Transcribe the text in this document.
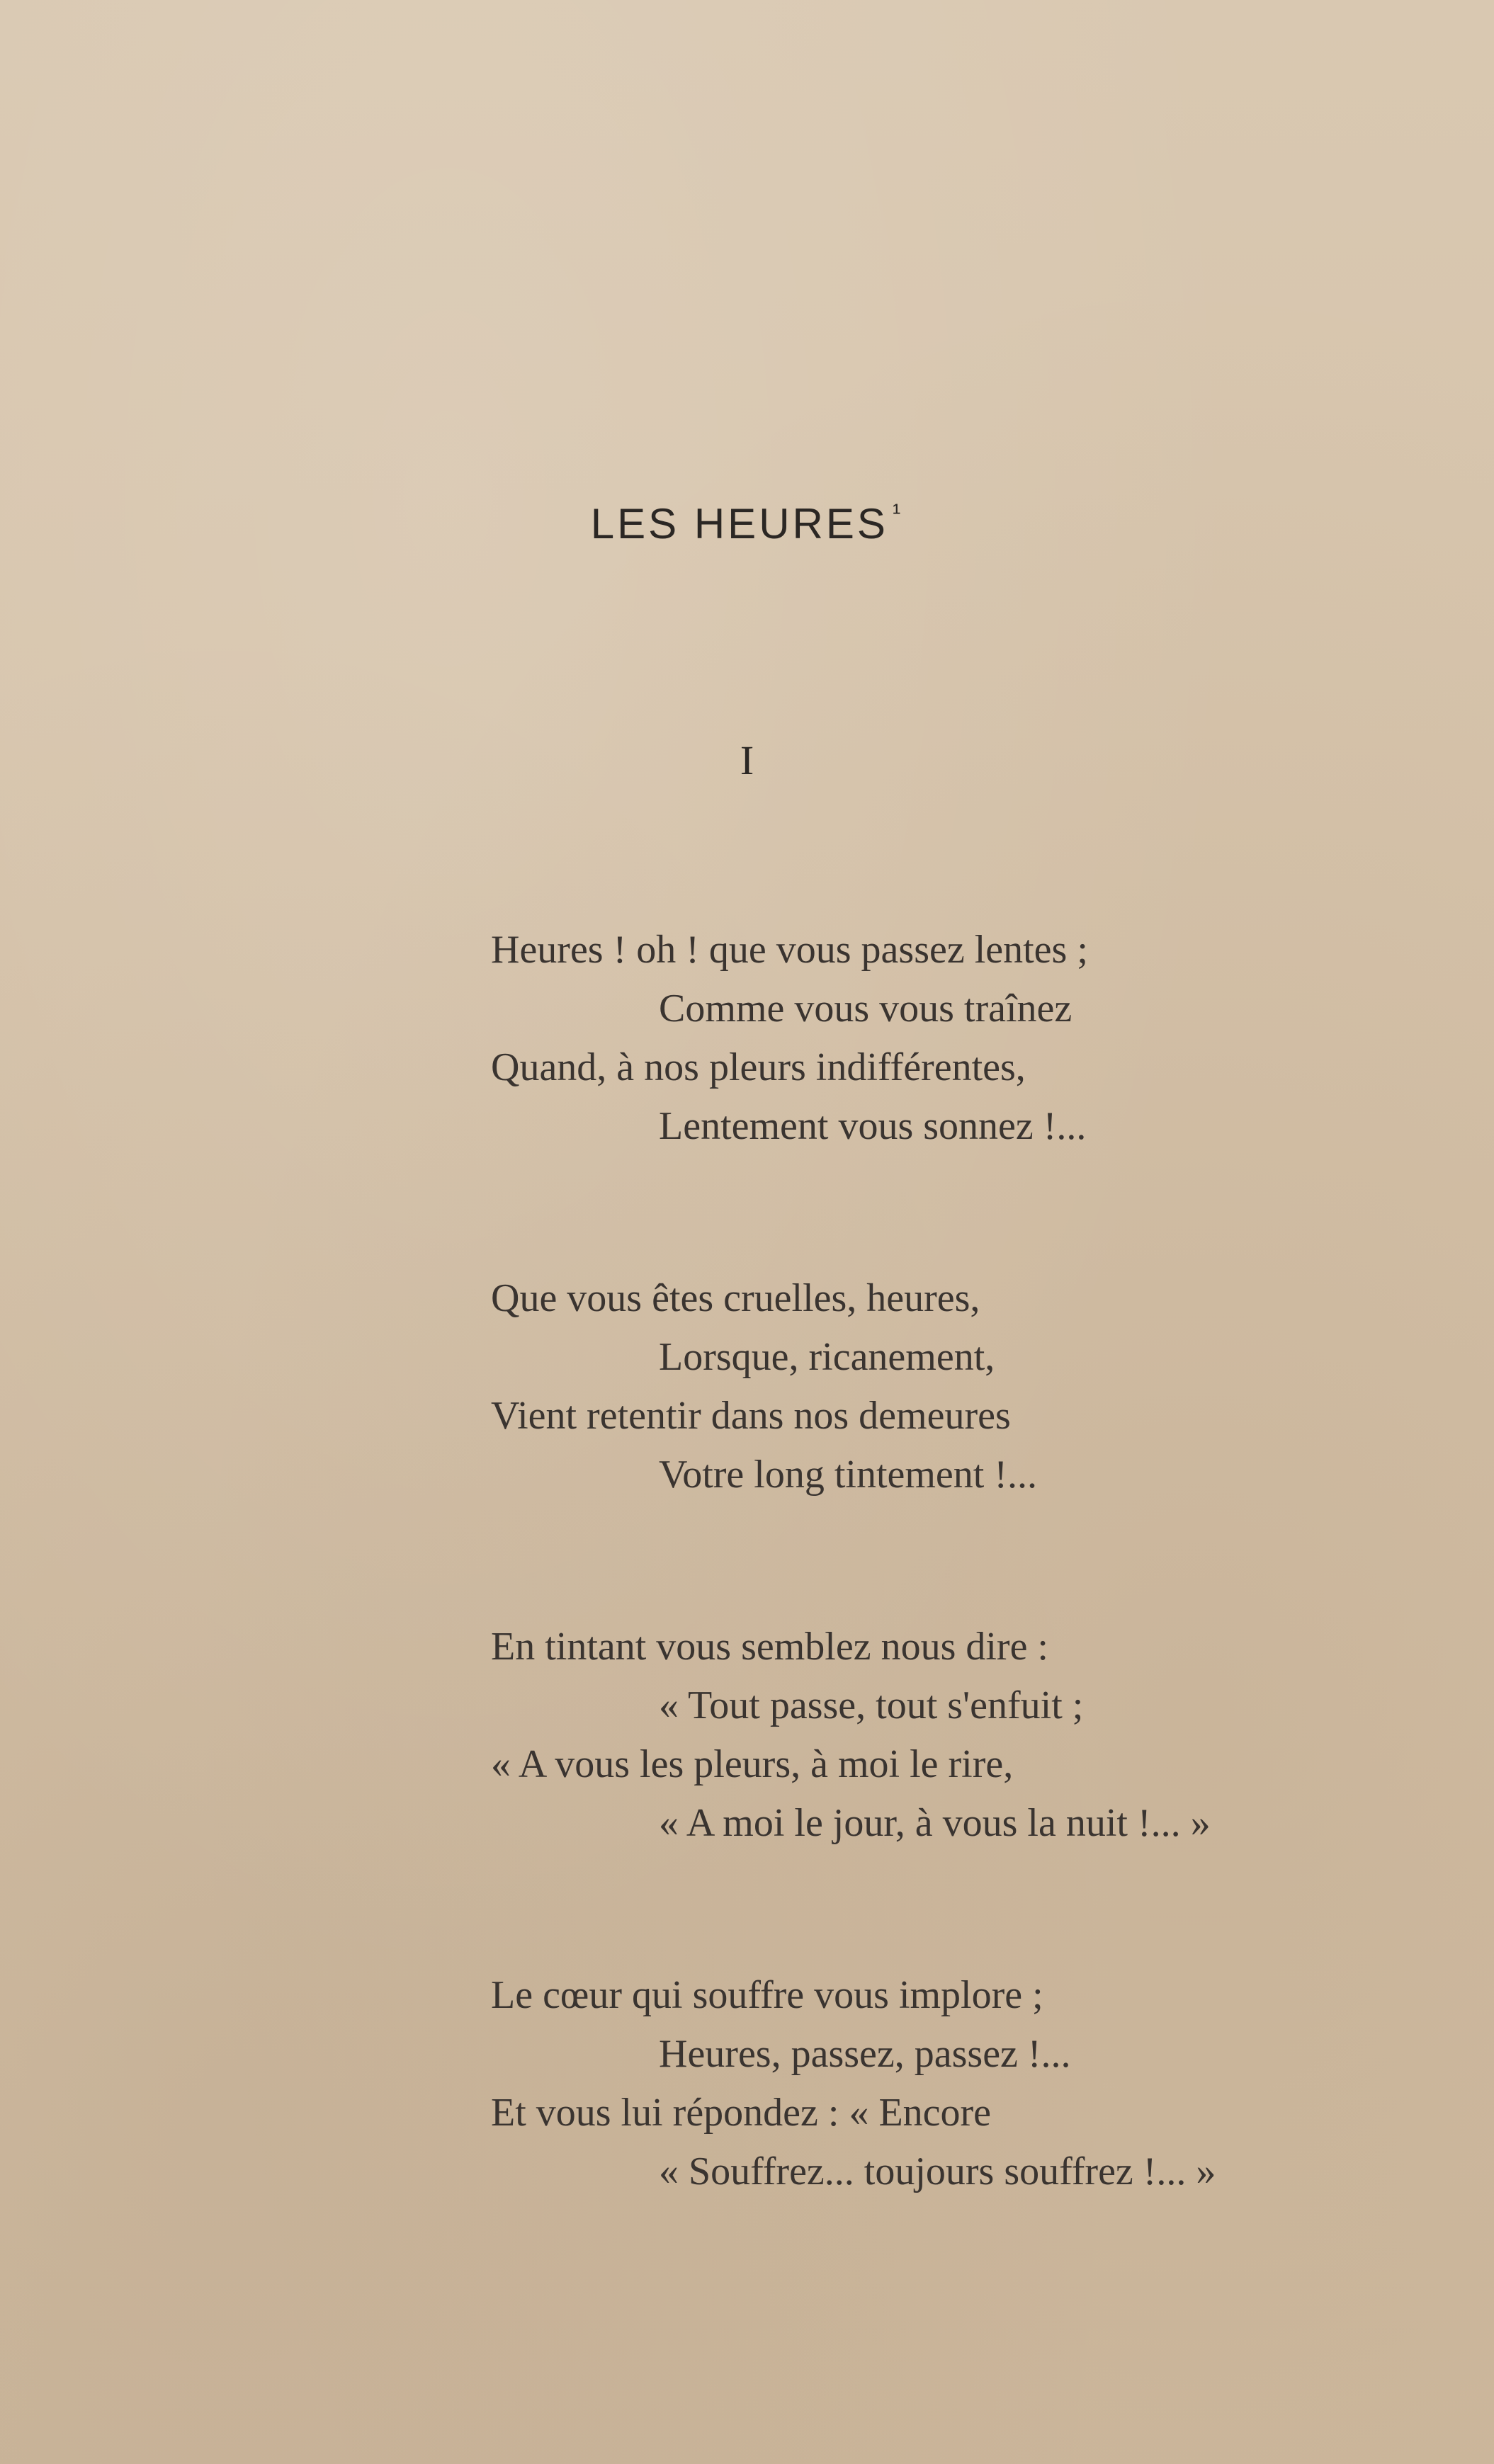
LES HEURES $^{^1}$
I
Heures ! oh ! que vous passez lentes ;
Comme vous vous traînez
Quand, à nos pleurs indifférentes,
Lentement vous sonnez !...
Que vous êtes cruelles, heures,
Lorsque, ricanement,
Vient retentir dans nos demeures
Votre long tintement !...
En tintant vous semblez nous dire :
« Tout passe, tout s'enfuit ;
« A vous les pleurs, à moi le rire,
« A moi le jour, à vous la nuit !... »
Le cœur qui souffre vous implore ;
Heures, passez, passez !...
Et vous lui répondez : « Encore
« Souffrez... toujours souffrez !... »
